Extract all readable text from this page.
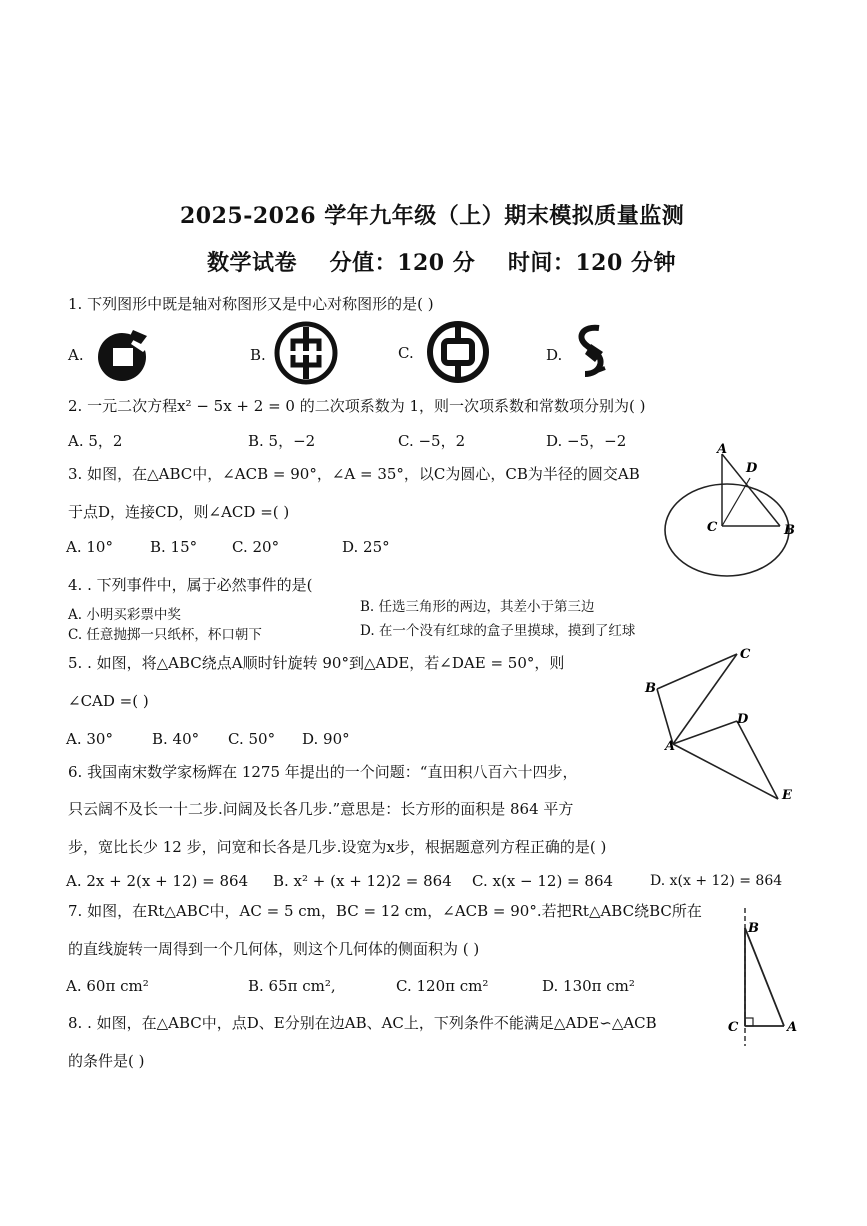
2025-2026 学年九年级（上）期末模拟质量监测
数学试卷    分值：120 分    时间：120 分钟
1. 下列图形中既是轴对称图形又是中心对称图形的是( )
A.	B.	C.	D.
2. 一元二次方程x² − 5x + 2 = 0 的二次项系数为 1，则一次项系数和常数项分别为( )
A. 5，2	B. 5，−2	C. −5，2	D. −5，−2
3. 如图，在△ABC中，∠ACB = 90°，∠A = 35°，以C为圆心，CB为半径的圆交AB
于点D，连接CD，则∠ACD =( )
A. 10° B. 15° C. 20°	D. 25°
A
D
C	B
4. . 下列事件中，属于必然事件的是(
A. 小明买彩票中奖	B. 任选三角形的两边，其差小于第三边
C. 任意抛掷一只纸杯，杯口朝下	D. 在一个没有红球的盒子里摸球，摸到了红球
5. . 如图，将△ABC绕点A顺时针旋转 90°到△ADE，若∠DAE = 50°，则
∠CAD =( )
A. 30°	B. 40° C. 50° D. 90°
C
B
D
A
E
6. 我国南宋数学家杨辉在 1275 年提出的一个问题：“直田积八百六十四步，
只云阔不及长一十二步.问阔及长各几步.”意思是：长方形的面积是 864 平方
步，宽比长少 12 步，问宽和长各是几步.设宽为x步，根据题意列方程正确的是( )
A. 2x + 2(x + 12) = 864 B. x² + (x + 12)2 = 864 C. x(x − 12) = 864	D. x(x + 12) = 864
7. 如图，在Rt△ABC中，AC = 5 cm，BC = 12 cm，∠ACB = 90°.若把Rt△ABC绕BC所在
的直线旋转一周得到一个几何体，则这个几何体的侧面积为 ( )
A. 60π cm²	B. 65π cm²,	C. 120π cm²	D. 130π cm²
B
C	A
8. . 如图，在△ABC中，点D、E分别在边AB、AC上，下列条件不能满足△ADE∽△ACB
的条件是( )
